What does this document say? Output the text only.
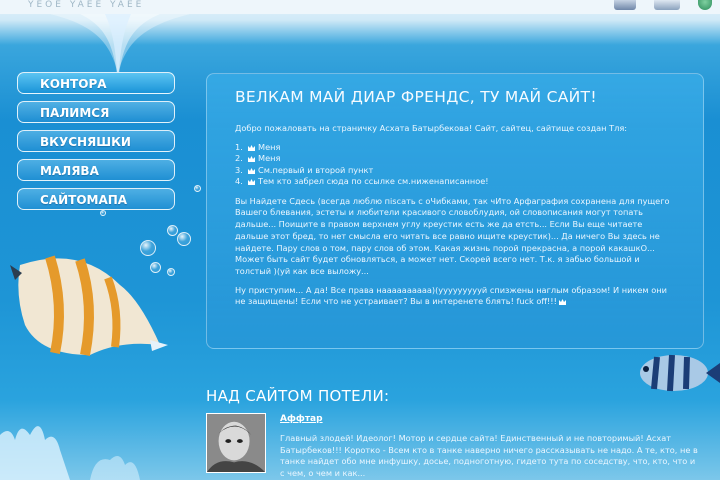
YEOE YAEE YAEE
КОНТОРА
ПАЛИМСЯ
ВКУСНЯШКИ
МАЛЯВА
САЙТОМАПА
ВЕЛКАМ МАЙ ДИАР ФРЕНДС, ТУ МАЙ САЙТ!

Добро пожаловать на страничку Асхата Батырбекова! Сайт, сайтец, сайтище создан Тля:

1. Меня
2. Меня
3. См.первый и второй пункт
4. Тем кто забрел сюда по ссылке см.ниженаписанное!

Вы Найдете Сдесь (всегда люблю пisсать с оЧибками, так чИто Арфаграфия сохранена для пущего Вашего блевания, эстеты и любители красивого словоблудия, ой словописания могут топать дальше... Поищите в правом верхнем углу креустик есть же да етсть... Если Вы еще читаете дальше этот бред, то нет смысла его читать все равно ищите креустик)... Да ничего Вы здесь не найдете. Пару слов о том, пару слов об этом. Какая жизнь порой прекрасна, а порой какашкО... Может быть сайт будет обновляться, а может нет. Скорей всего нет. Т.к. я забью большой и толстый )(уй как все выложу...

Ну приступим... А да! Все права наааааааааа)(уууууууууй спизжены наглым образом! И никем они не защищены! Если что не устраивает? Вы в интеренете блять! fuck off!!!

НАД САЙТОМ ПОТЕЛИ:
Аффтар
Главный злодей! Идеолог! Мотор и сердце сайта! Единственный и не повторимый! Асхат Батырбеков!!! Коротко - Всем кто в танке наверно ничего рассказывать не надо. А те, кто, не в танке найдет обо мне инфушку, досье, подноготную, гидето тута по соседству, что, кто, что и с чем, о чем и как...
